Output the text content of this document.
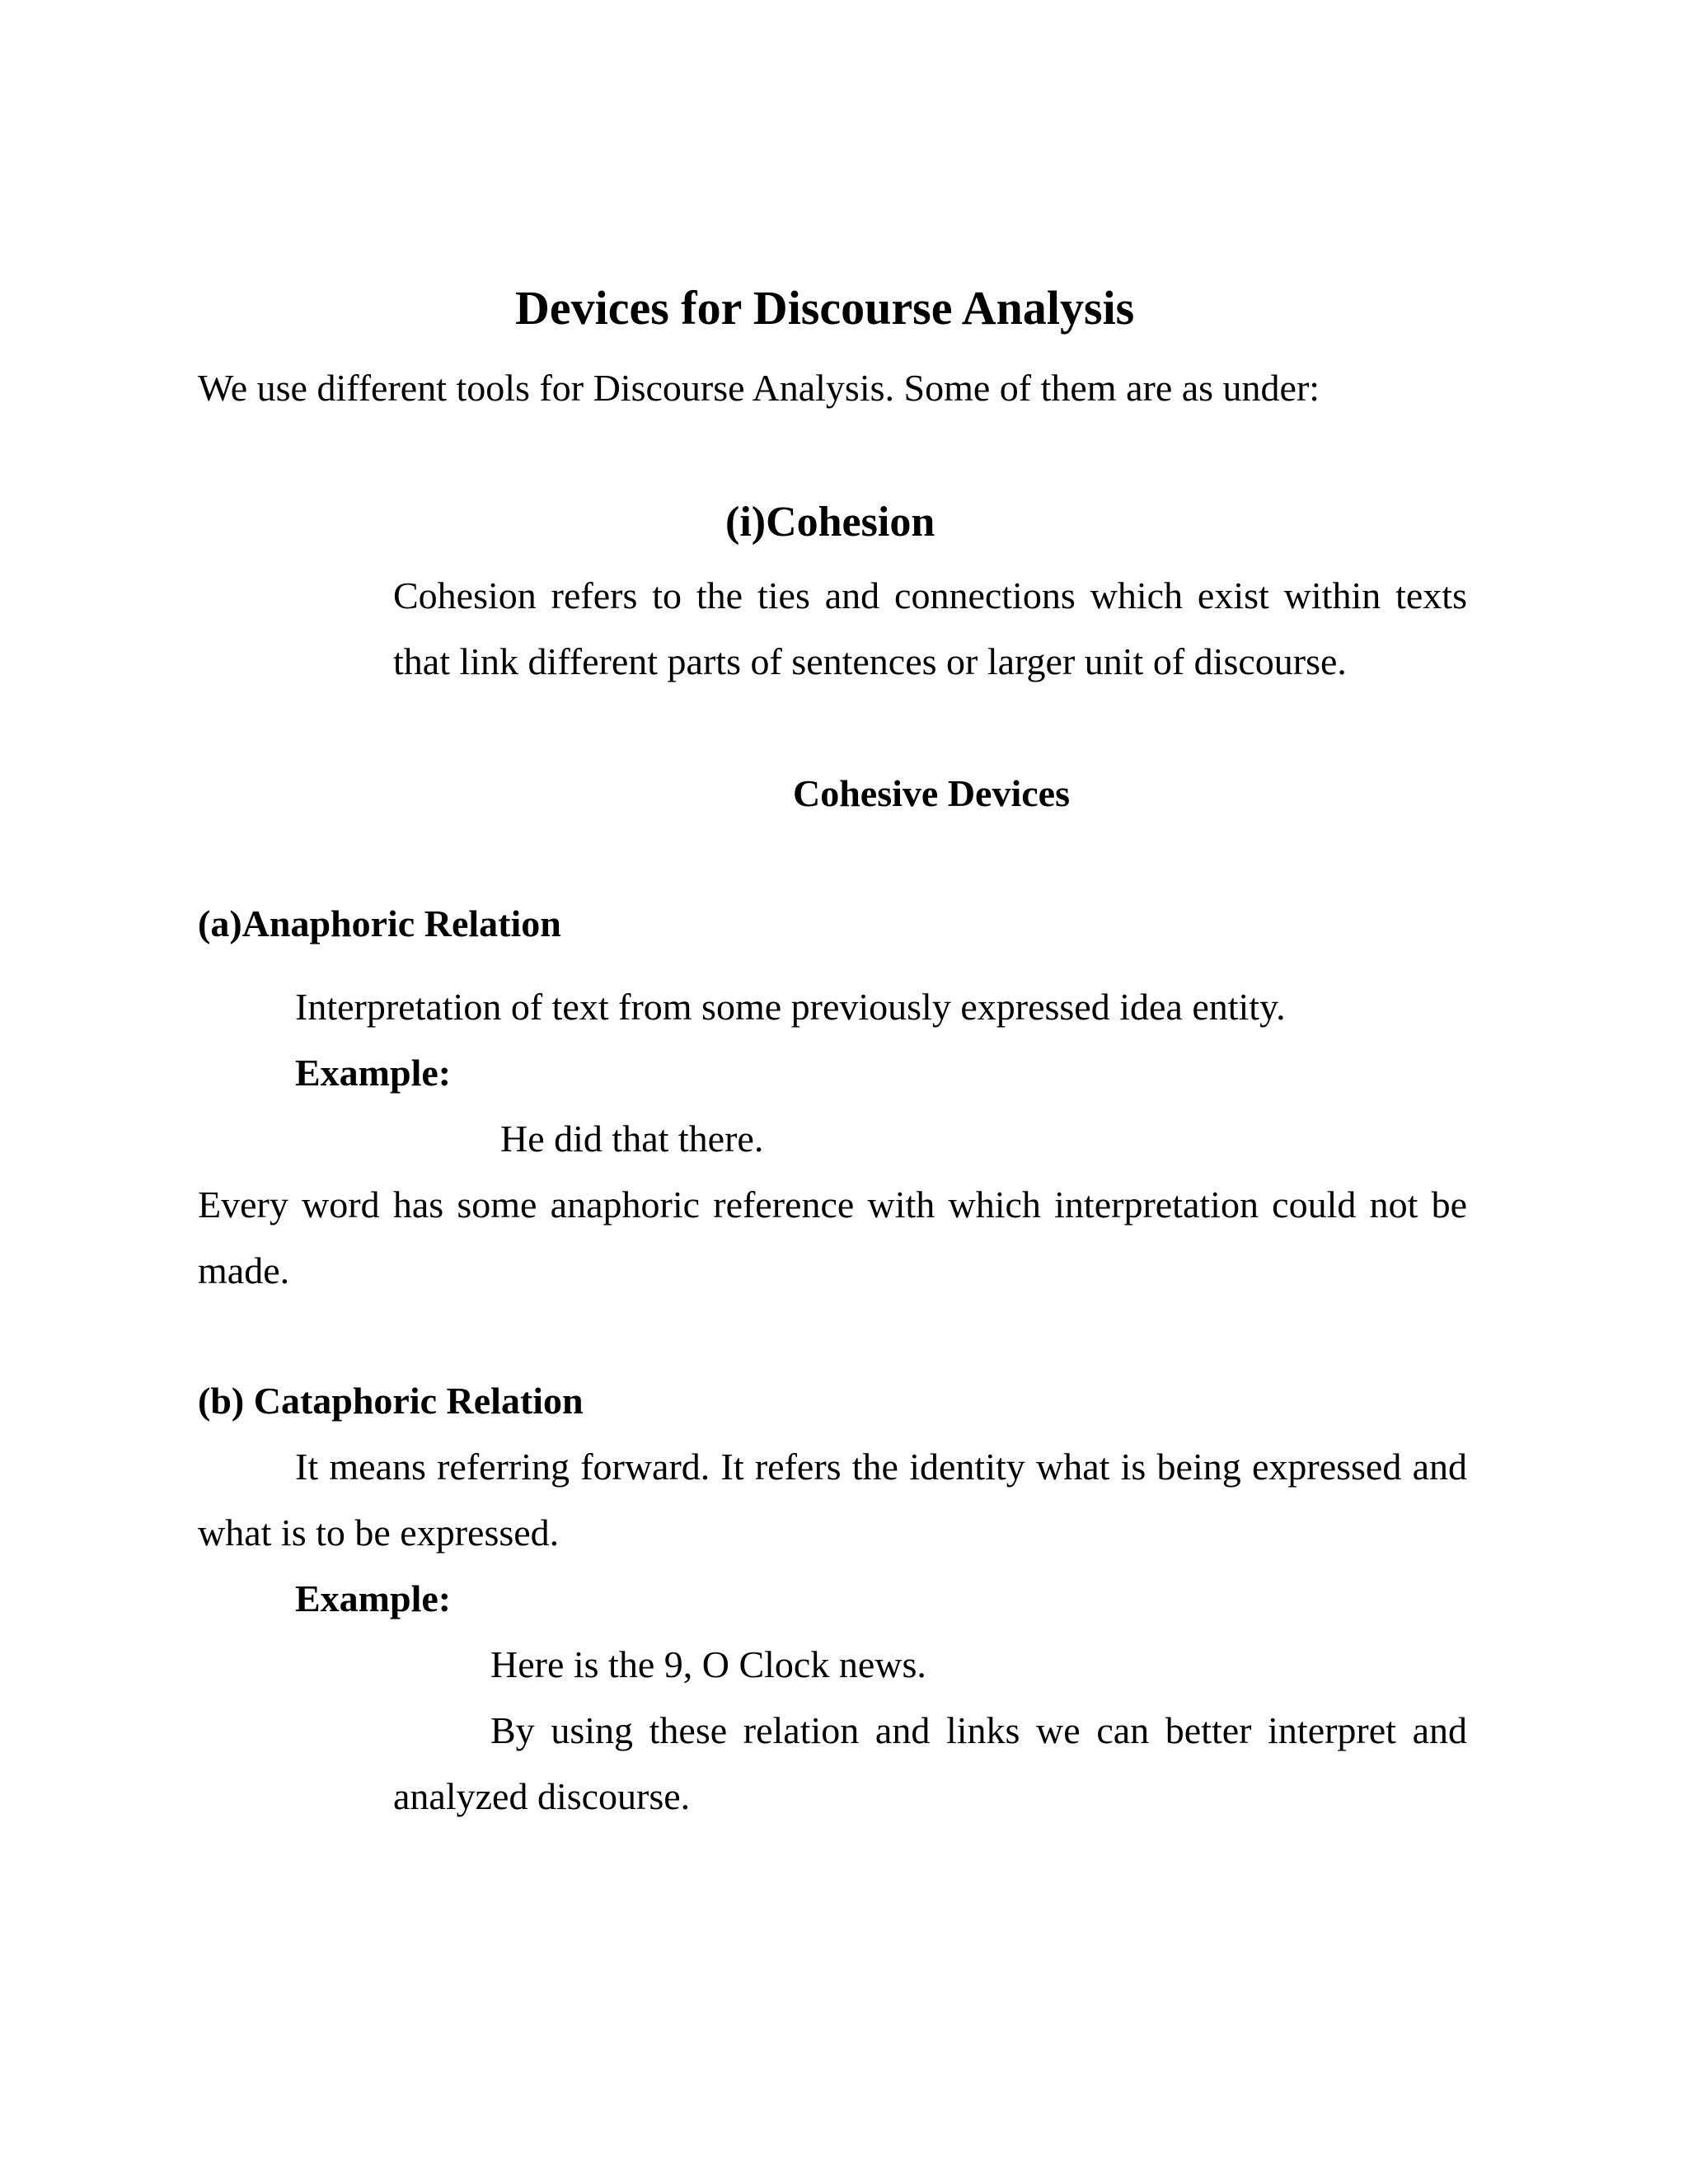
Devices for Discourse Analysis

We use different tools for Discourse Analysis. Some of them are as under:

(i)Cohesion

Cohesion refers to the ties and connections which exist within texts

that link different parts of sentences or larger unit of discourse.

Cohesive Devices
(a)Anaphoric Relation

Interpretation of text from some previously expressed idea entity.

Example:

He did that there.

Every word has some anaphoric reference with which interpretation could not be

made.

(b) Cataphoric Relation

It means referring forward. It refers the identity what is being expressed and

what is to be expressed.

Example:

Here is the 9, O Clock news.

By using these relation and links we can better interpret and

analyzed discourse.
